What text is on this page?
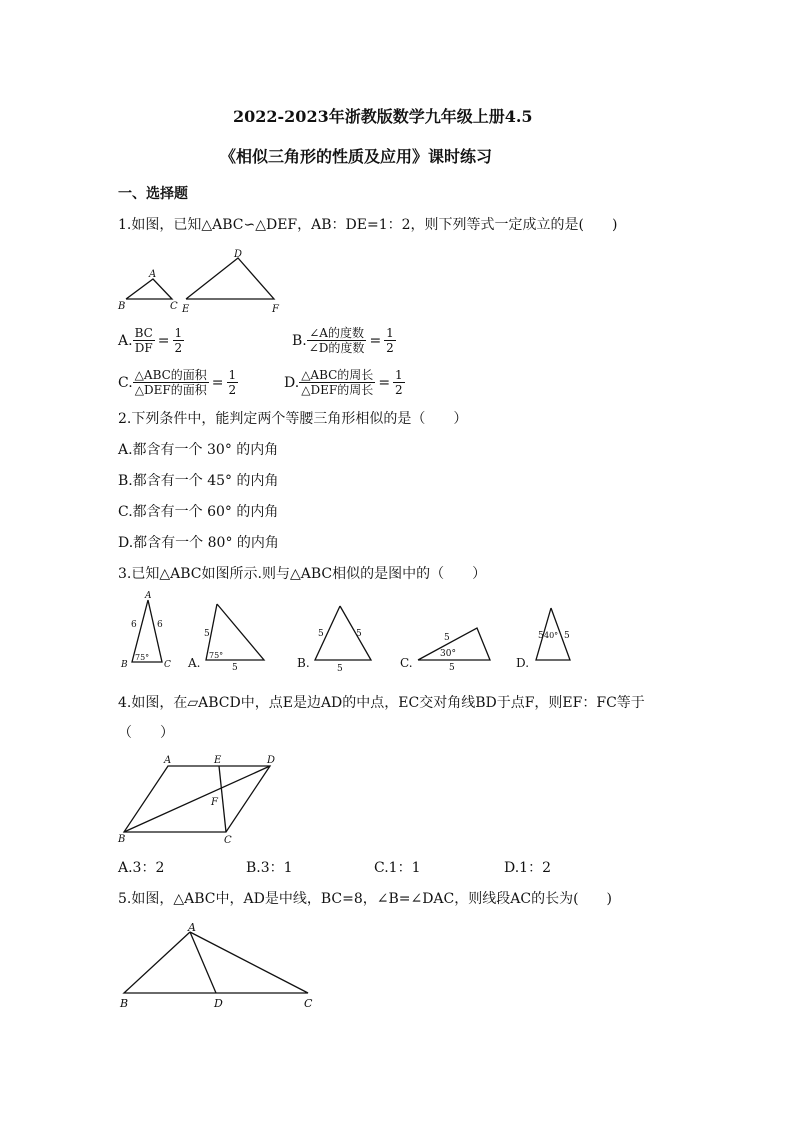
2022-2023年浙教版数学九年级上册4.5
《相似三角形的性质及应用》课时练习
一、选择题
1.如图，已知△ABC∽△DEF，AB：DE=1：2，则下列等式一定成立的是(　　)
A
B	C
D
E	F
A. $\frac{BC}{DF} = \frac{1}{2}$	B. $\frac{\text{∠A的度数}}{\text{∠D的度数}} = \frac{1}{2}$
C. $\frac{\text{△ABC的面积}}{\text{△DEF的面积}} = \frac{1}{2}$	D. $\frac{\text{△ABC的周长}}{\text{△DEF的周长}} = \frac{1}{2}$
2.下列条件中，能判定两个等腰三角形相似的是（　　）
A.都含有一个 30° 的内角
B.都含有一个 45° 的内角
C.都含有一个 60° 的内角
D.都含有一个 80° 的内角
3.已知△ABC如图所示.则与△ABC相似的是图中的（　　）
A
B	C
6 6
75°	A.
5
5
75°
B.
5	5
5	C.
5
5
30°
D.
5 5
40°
4.如图，在▱ABCD中，点E是边AD的中点，EC交对角线BD于点F，则EF：FC等于
（　　）
A	E	D
F
B	C
A.3：2	B.3：1	C.1：1	D.1：2
5.如图，△ABC中，AD是中线，BC=8，∠B=∠DAC，则线段AC的长为(　　)
A
B	D	C
